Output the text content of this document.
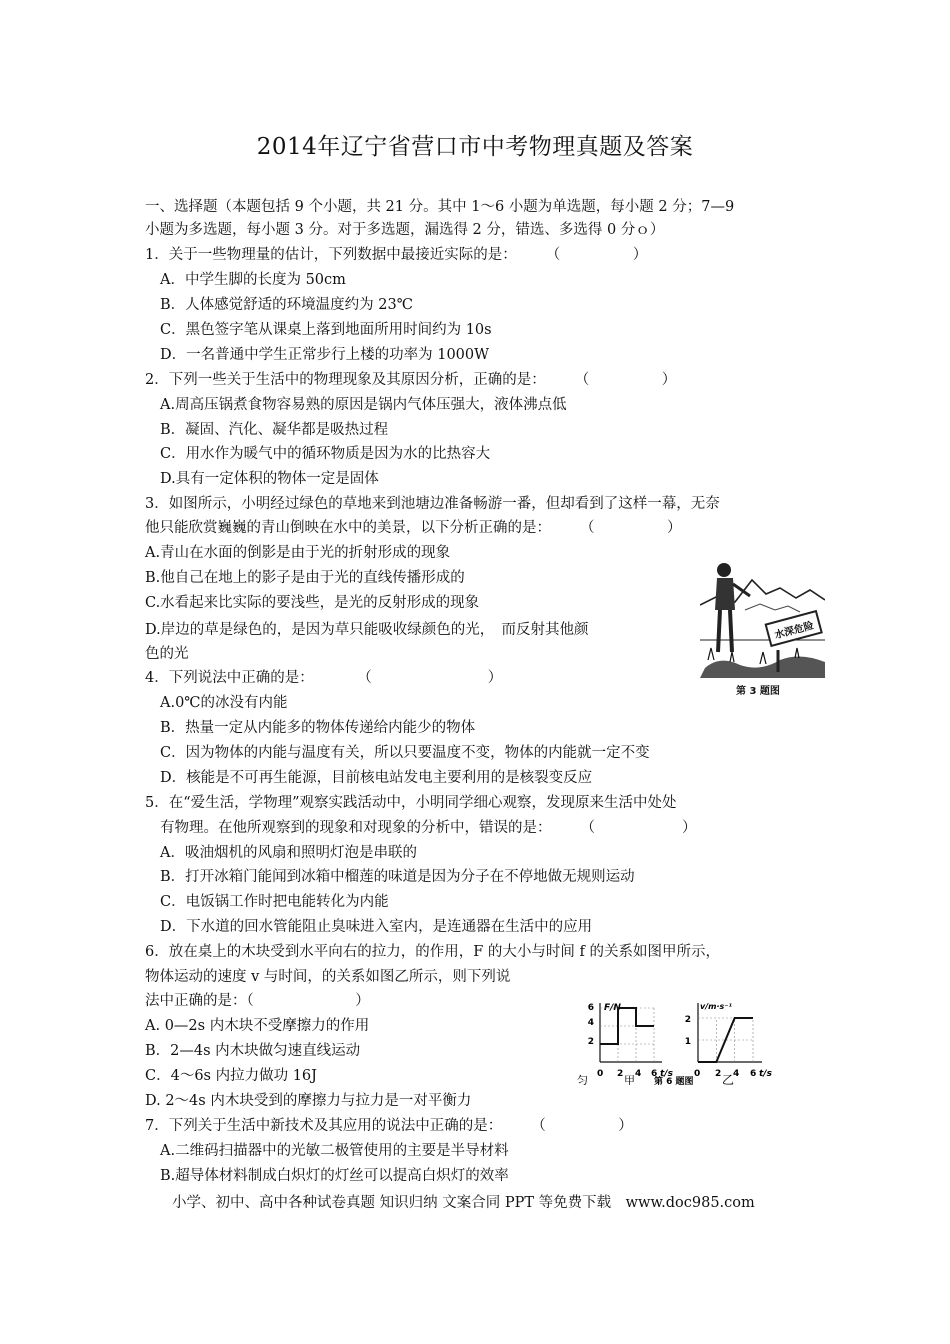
2014年辽宁省营口市中考物理真题及答案
一、选择题（本题包括 9 个小题，共 21 分。其中 1～6 小题为单选题，每小题 2 分；7—9
小题为多选题，每小题 3 分。对于多选题，漏选得 2 分，错选、多选得 0 分ｏ）
1．关于一些物理量的估计，下列数据中最接近实际的是：　　　（　　　　　）
A．中学生脚的长度为 50cm
B．人体感觉舒适的环境温度约为 23℃
C．黑色签字笔从课桌上落到地面所用时间约为 10s
D．一名普通中学生正常步行上楼的功率为 1000W
2．下列一些关于生活中的物理现象及其原因分析，正确的是：　　　（　　　　　）
A.周高压锅煮食物容易熟的原因是锅内气体压强大，液体沸点低
B．凝固、汽化、凝华都是吸热过程
C．用水作为暖气中的循环物质是因为水的比热容大
D.具有一定体积的物体一定是固体
3．如图所示，小明经过绿色的草地来到池塘边准备畅游一番，但却看到了这样一幕，无奈
他只能欣赏巍巍的青山倒映在水中的美景，以下分析正确的是：　　　（　　　　　）
A.青山在水面的倒影是由于光的折射形成的现象
B.他自己在地上的影子是由于光的直线传播形成的
C.水看起来比实际的要浅些，是光的反射形成的现象
D.岸边的草是绿色的，是因为草只能吸收绿颜色的光，　而反射其他颜
色的光
水深危险
第 3 题图
4．下列说法中正确的是：　　　　（　　　　　　　　）
A.0℃的冰没有内能
B．热量一定从内能多的物体传递给内能少的物体
C．因为物体的内能与温度有关，所以只要温度不变，物体的内能就一定不变
D．核能是不可再生能源，目前核电站发电主要利用的是核裂变反应
5．在“爱生活，学物理”观察实践活动中，小明同学细心观察，发现原来生活中处处
有物理。在他所观察到的现象和对现象的分析中，错误的是：　　　（　　　　　　）
A．吸油烟机的风扇和照明灯泡是串联的
B．打开冰箱门能闻到冰箱中榴莲的味道是因为分子在不停地做无规则运动
C．电饭锅工作时把电能转化为内能
D．下水道的回水管能阻止臭味进入室内，是连通器在生活中的应用
6．放在桌上的木块受到水平向右的拉力，的作用，F 的大小与时间 f 的关系如图甲所示，
物体运动的速度 v 与时间，的关系如图乙所示，则下列说
法中正确的是：（　　　　　　　）
A. 0—2s 内木块不受摩擦力的作用
B．2—4s 内木块做匀速直线运动
C．4～6s 内拉力做功 16J
D. 2～4s 内木块受到的摩擦力与拉力是一对平衡力
F/N
6
4
2
0 2 4 6 t/s
v/m·s⁻¹
2
1
0 2 4 6 t/s
匀	甲 第 6 题图 乙
7．下列关于生活中新技术及其应用的说法中正确的是：　　　（　　　　　）
A.二维码扫描器中的光敏二极管使用的主要是半导材料
B.超导体材料制成白炽灯的灯丝可以提高白炽灯的效率
小学、初中、高中各种试卷真题 知识归纳 文案合同 PPT 等免费下载　www.doc985.com
